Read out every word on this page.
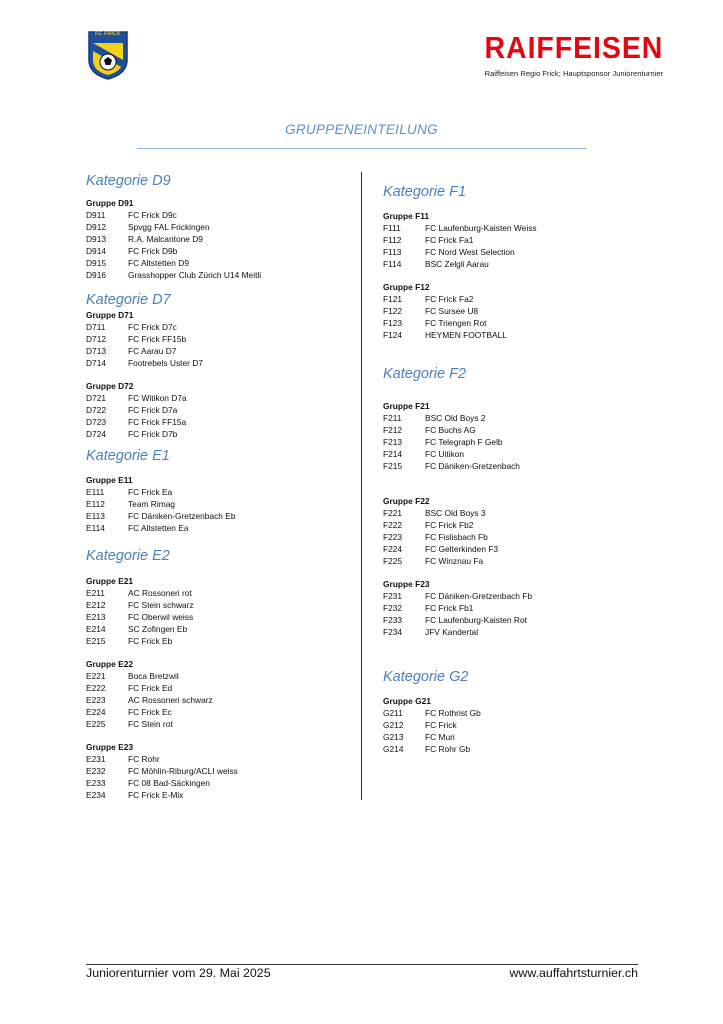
FC FRICK	RAIFFEISEN
Raiffeisen Regio Frick; Hauptsponsor Juniorenturnier
GRUPPENEINTEILUNG
Kategorie D9
Gruppe D91
D911	FC Frick D9c
D912	Spvgg FAL Frickingen
D913	R.A. Malcantone D9
D914	FC Frick D9b
D915	FC Altstetten D9
D916	Grasshopper Club Zürich U14 Meitli
Kategorie D7
Gruppe D71
D711	FC Frick D7c
D712	FC Frick FF15b
D713	FC Aarau D7
D714	Footrebels Uster D7
Gruppe D72
D721	FC Witikon D7a
D722	FC Frick D7a
D723	FC Frick FF15a
D724	FC Frick D7b
Kategorie E1
Gruppe E11
E111	FC Frick Ea
E112	Team Rimag
E113	FC Däniken-Gretzenbach Eb
E114	FC Altstetten Ea
Kategorie E2
Gruppe E21
E211	AC Rossoneri rot
E212	FC Stein schwarz
E213	FC Oberwil weiss
E214	SC Zofingen Eb
E215	FC Frick Eb
Gruppe E22
E221	Boca Bretzwil
E222	FC Frick Ed
E223	AC Rossoneri schwarz
E224	FC Frick Ec
E225	FC Stein rot
Gruppe E23
E231	FC Rohr
E232	FC Möhlin-Riburg/ACLI weiss
E233	FC 08 Bad-Säckingen
E234	FC Frick E-Mix
Kategorie F1
Gruppe F11
F111	FC Laufenburg-Kaisten Weiss
F112	FC Frick Fa1
F113	FC Nord West Selection
F114	BSC Zelgli Aarau
Gruppe F12
F121	FC Frick Fa2
F122	FC Sursee U8
F123	FC Triengen Rot
F124	HEYMEN FOOTBALL
Kategorie F2
Gruppe F21
F211	BSC Old Boys 2
F212	FC Buchs AG
F213	FC Telegraph F Gelb
F214	FC Uitikon
F215	FC Däniken-Gretzenbach
Gruppe F22
F221	BSC Old Boys 3
F222	FC Frick Fb2
F223	FC Fislisbach Fb
F224	FC Gelterkinden F3
F225	FC Winznau Fa
Gruppe F23
F231	FC Däniken-Gretzenbach Fb
F232	FC Frick Fb1
F233	FC Laufenburg-Kaisten Rot
F234	JFV Kandertal
Kategorie G2
Gruppe G21
G211	FC Rothrist Gb
G212	FC Frick
G213	FC Muri
G214	FC Rohr Gb
Juniorenturnier vom 29. Mai 2025	www.auffahrtsturnier.ch
